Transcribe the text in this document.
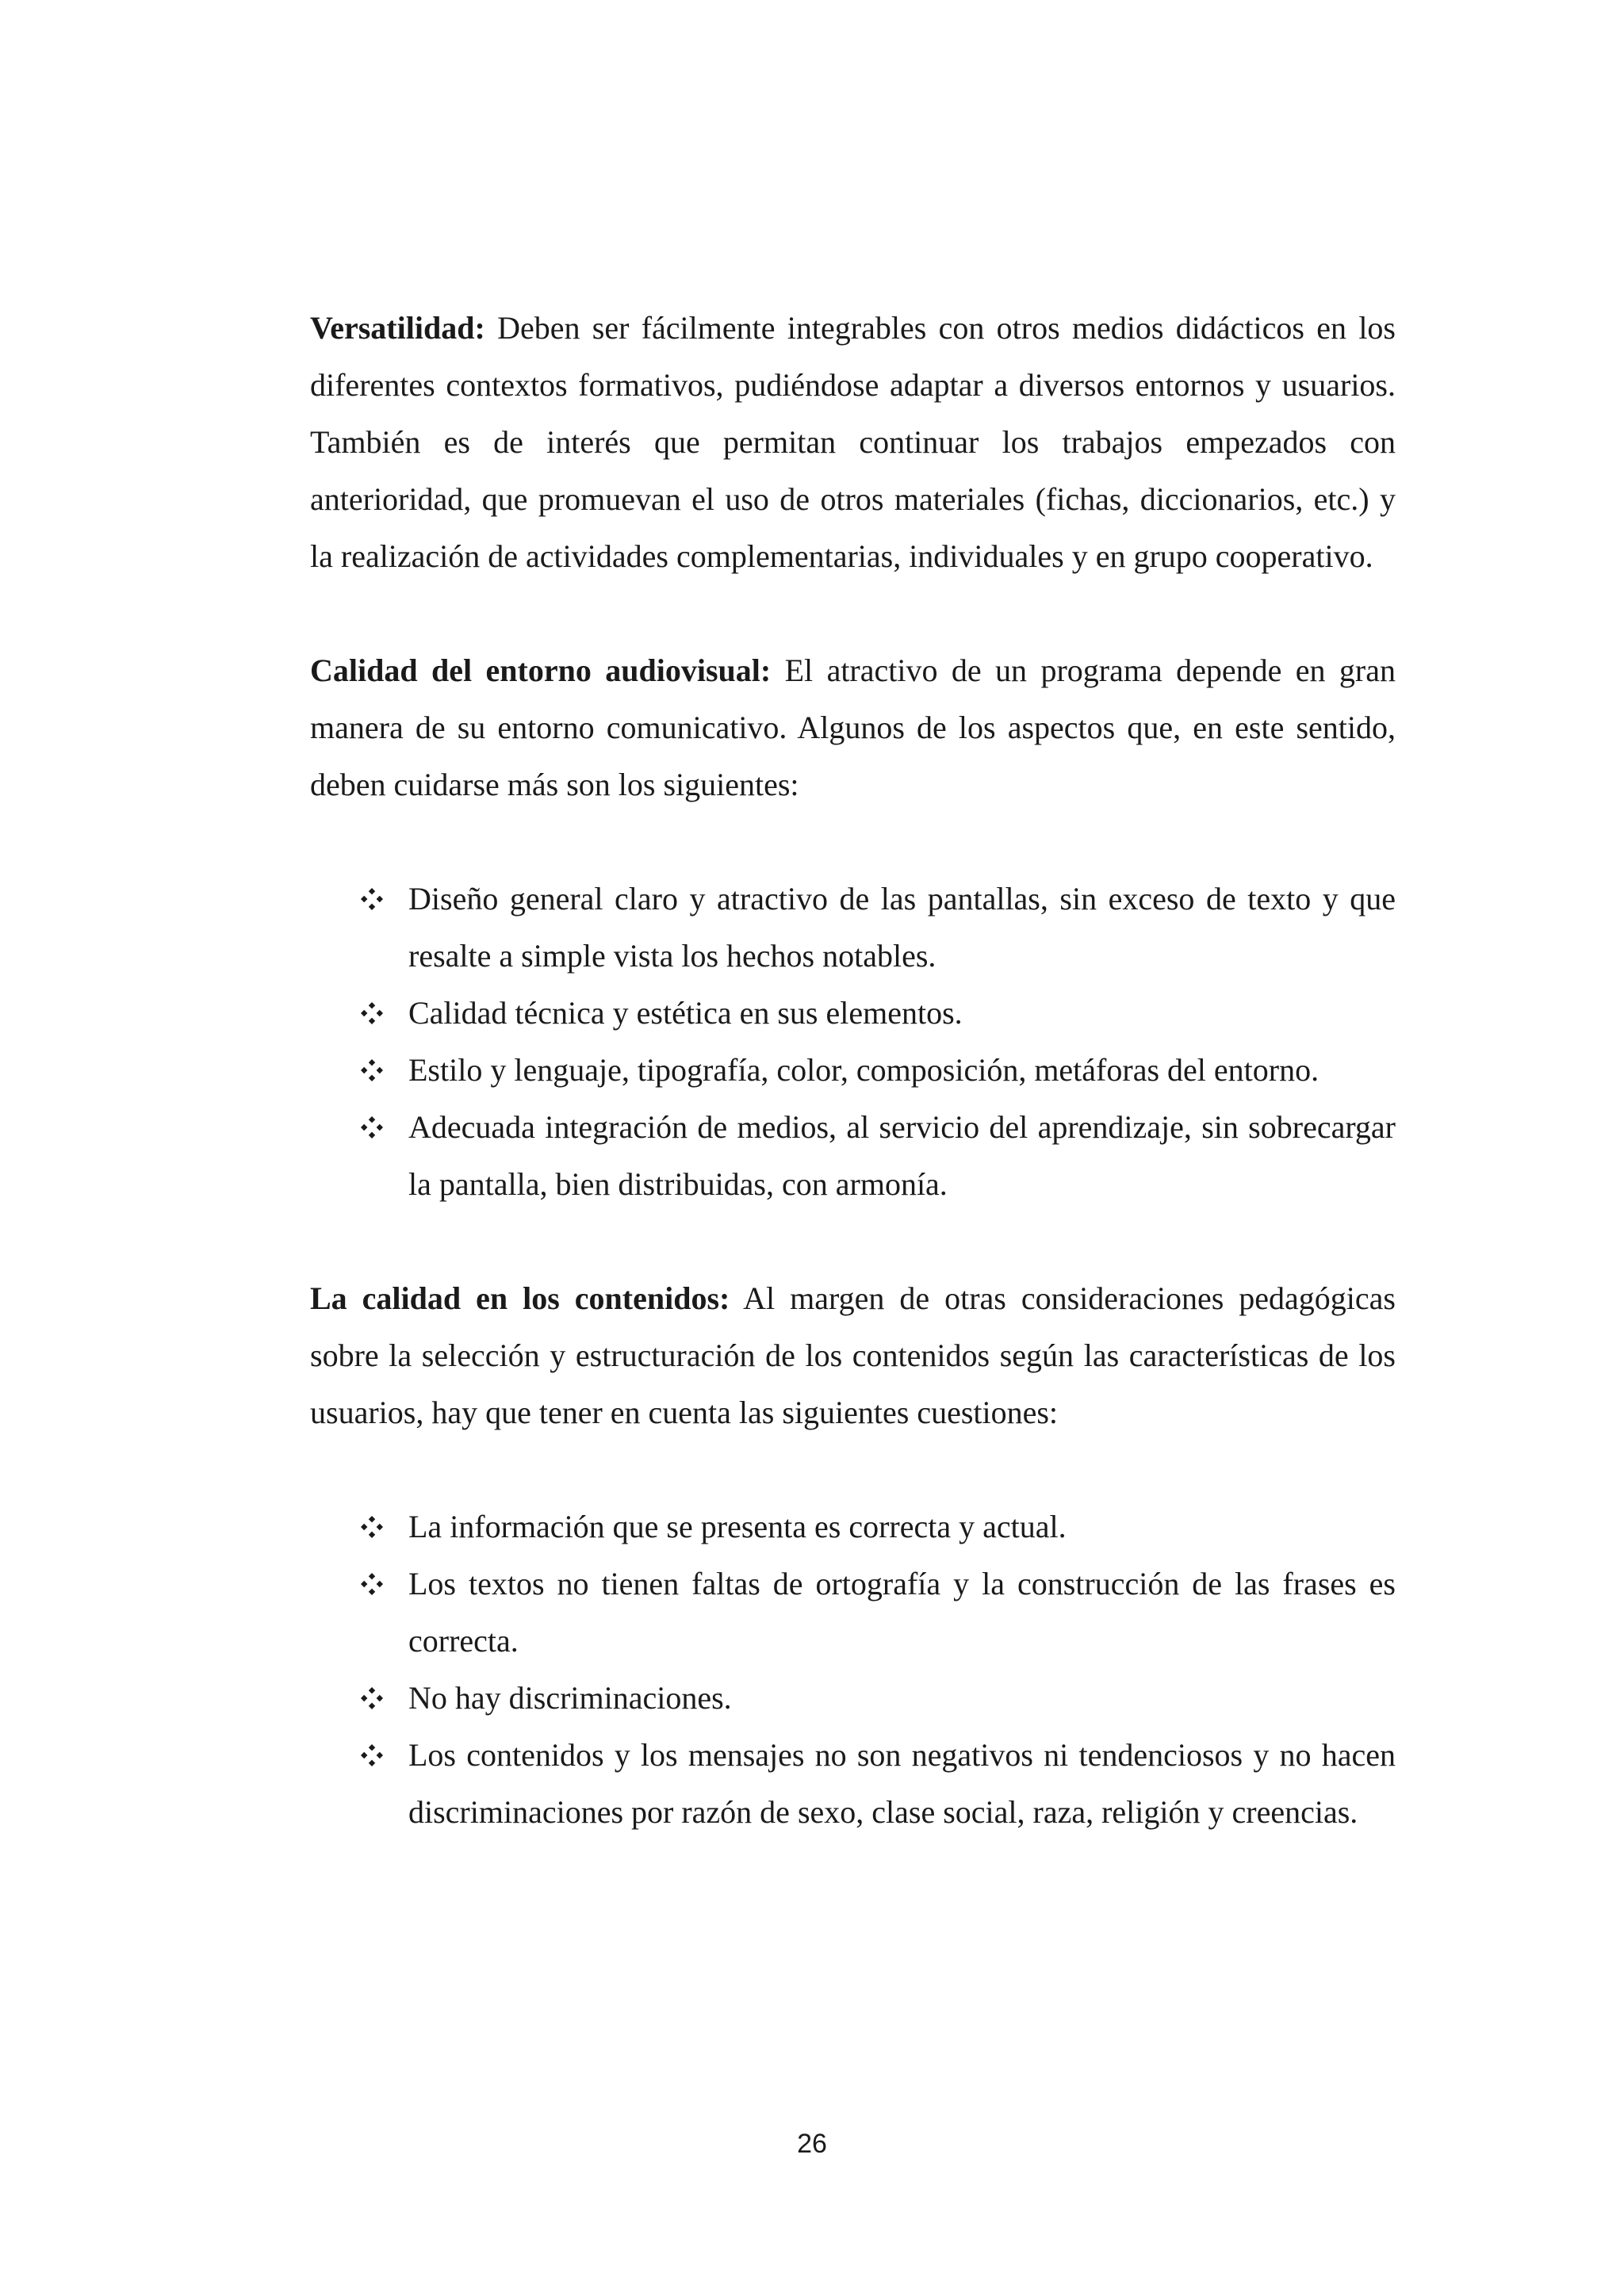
Versatilidad: Deben ser fácilmente integrables con otros medios didácticos en los diferentes contextos formativos, pudiéndose adaptar a diversos entornos y usuarios. También es de interés que permitan continuar los trabajos empezados con anterioridad, que promuevan el uso de otros materiales (fichas, diccionarios, etc.) y la realización de actividades complementarias, individuales y en grupo cooperativo.

Calidad del entorno audiovisual: El atractivo de un programa depende en gran manera de su entorno comunicativo. Algunos de los aspectos que, en este sentido, deben cuidarse más son los siguientes:

Diseño general claro y atractivo de las pantallas, sin exceso de texto y que resalte a simple vista los hechos notables.
Calidad técnica y estética en sus elementos.
Estilo y lenguaje, tipografía, color, composición, metáforas del entorno.
Adecuada integración de medios, al servicio del aprendizaje, sin sobrecargar la pantalla, bien distribuidas, con armonía.

La calidad en los contenidos: Al margen de otras consideraciones pedagógicas sobre la selección y estructuración de los contenidos según las características de los usuarios, hay que tener en cuenta las siguientes cuestiones:

La información que se presenta es correcta y actual.
Los textos no tienen faltas de ortografía y la construcción de las frases es correcta.
No hay discriminaciones.
Los contenidos y los mensajes no son negativos ni tendenciosos y no hacen discriminaciones por razón de sexo, clase social, raza, religión y creencias.
26
